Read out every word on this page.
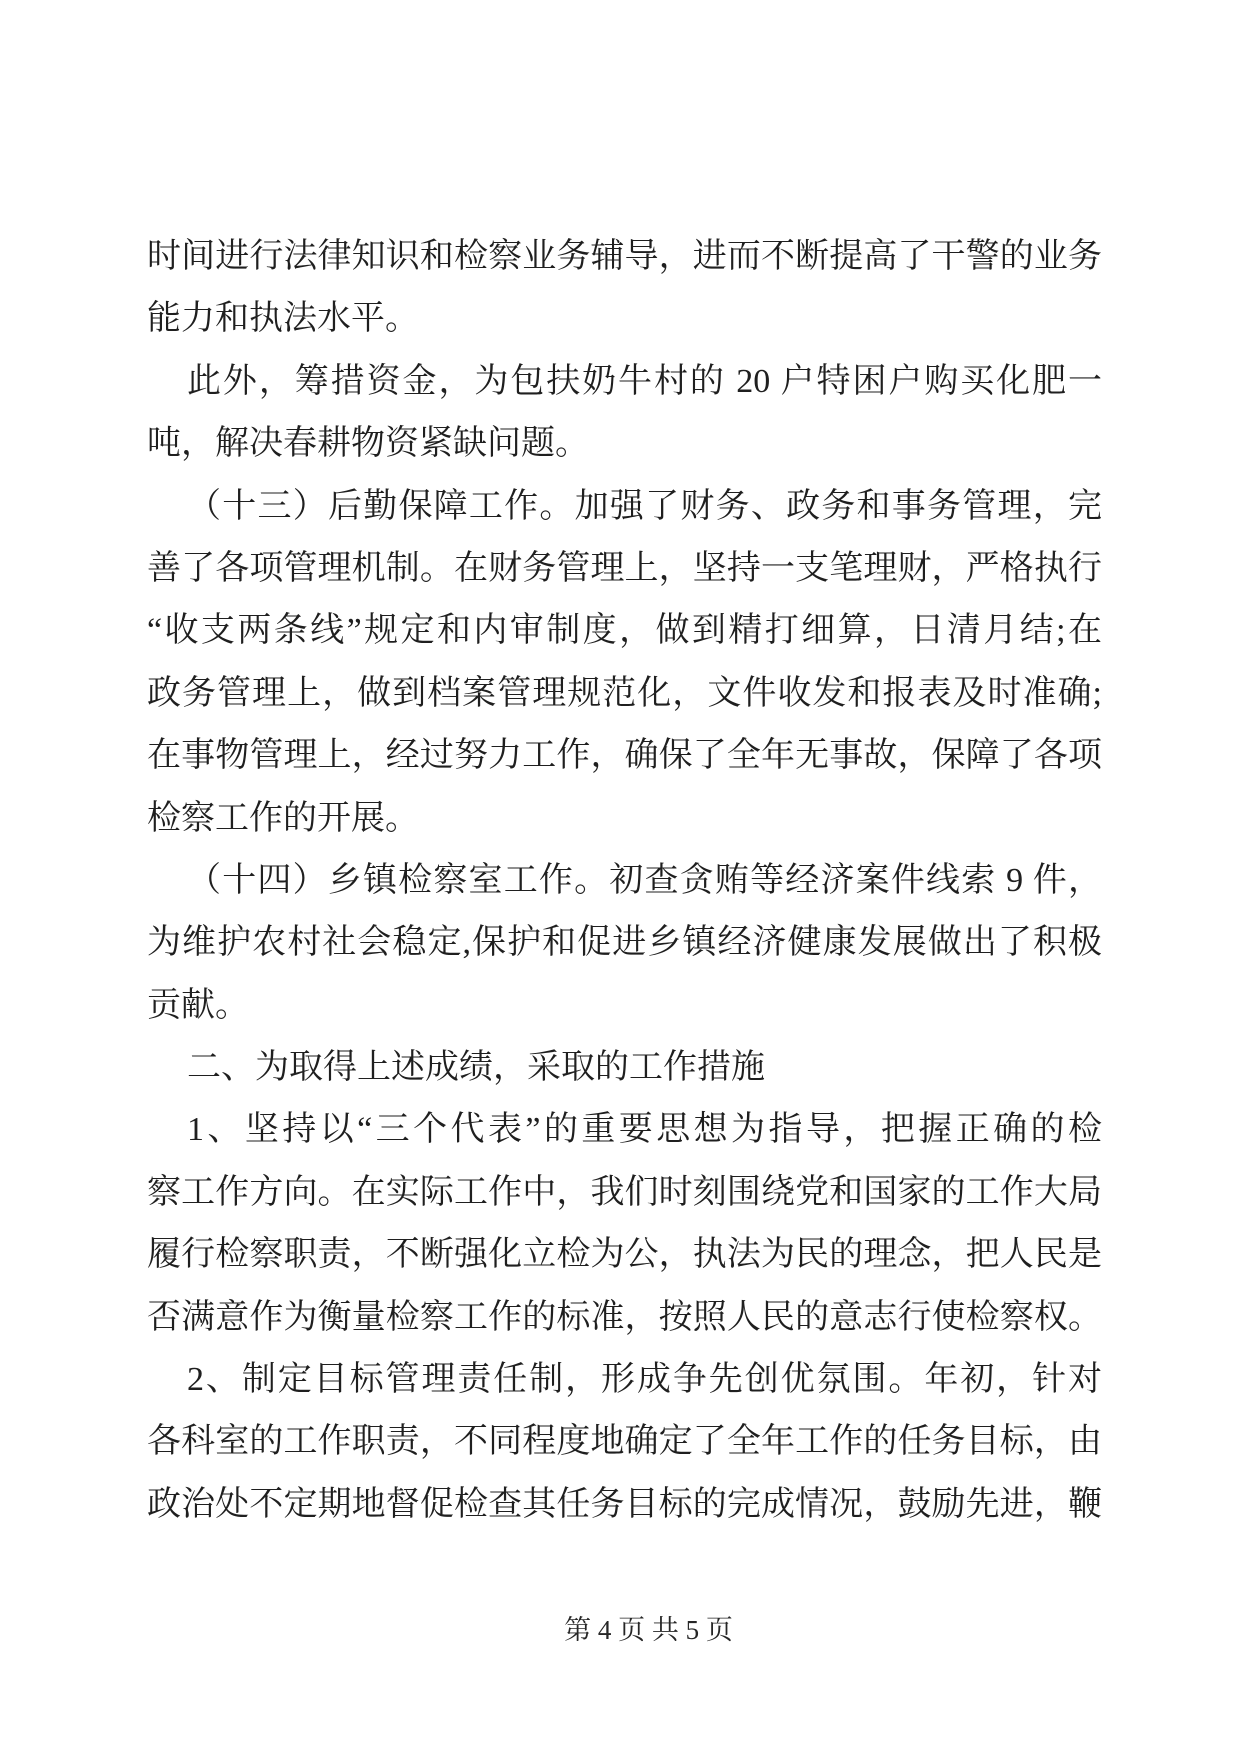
时间进行法律知识和检察业务辅导，进而不断提高了干警的业务
能力和执法水平。
此外，筹措资金，为包扶奶牛村的 20 户特困户购买化肥一
吨，解决春耕物资紧缺问题。
（十三）后勤保障工作。加强了财务、政务和事务管理，完
善了各项管理机制。在财务管理上，坚持一支笔理财，严格执行
“收支两条线”规定和内审制度，做到精打细算，日清月结;在
政务管理上，做到档案管理规范化，文件收发和报表及时准确;
在事物管理上，经过努力工作，确保了全年无事故，保障了各项
检察工作的开展。
（十四）乡镇检察室工作。初查贪贿等经济案件线索 9 件，
为维护农村社会稳定,保护和促进乡镇经济健康发展做出了积极
贡献。
二、为取得上述成绩，采取的工作措施
1、坚持以“三个代表”的重要思想为指导，把握正确的检
察工作方向。在实际工作中，我们时刻围绕党和国家的工作大局
履行检察职责，不断强化立检为公，执法为民的理念，把人民是
否满意作为衡量检察工作的标准，按照人民的意志行使检察权。
2、制定目标管理责任制，形成争先创优氛围。年初，针对
各科室的工作职责，不同程度地确定了全年工作的任务目标，由
政治处不定期地督促检查其任务目标的完成情况，鼓励先进，鞭
第 4 页 共 5 页
